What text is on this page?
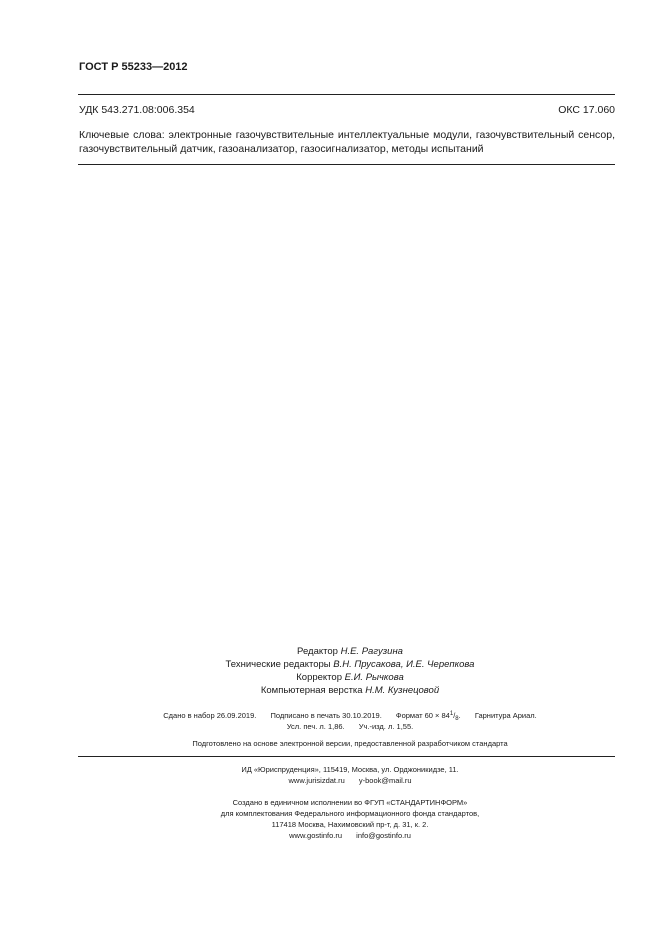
ГОСТ Р 55233—2012
УДК 543.271.08:006.354	ОКС 17.060
Ключевые слова: электронные газочувствительные интеллектуальные модули, газочувствительный сенсор, газочувствительный датчик, газоанализатор, газосигнализатор, методы испытаний
Редактор Н.Е. Рагузина
Технические редакторы В.Н. Прусакова, И.Е. Черепкова
Корректор Е.И. Рычкова
Компьютерная верстка Н.М. Кузнецовой
Сдано в набор 26.09.2019. Подписано в печать 30.10.2019. Формат $60 \times 84^1/_8$. Гарнитура Ариал.
Усл. печ. л. 1,86. Уч.-изд. л. 1,55.
Подготовлено на основе электронной версии, предоставленной разработчиком стандарта
ИД «Юриспруденция», 115419, Москва, ул. Орджоникидзе, 11.
www.jurisizdat.ru y-book@mail.ru
Создано в единичном исполнении во ФГУП «СТАНДАРТИНФОРМ»
для комплектования Федерального информационного фонда стандартов,
117418 Москва, Нахимовский пр-т, д. 31, к. 2.
www.gostinfo.ru info@gostinfo.ru
